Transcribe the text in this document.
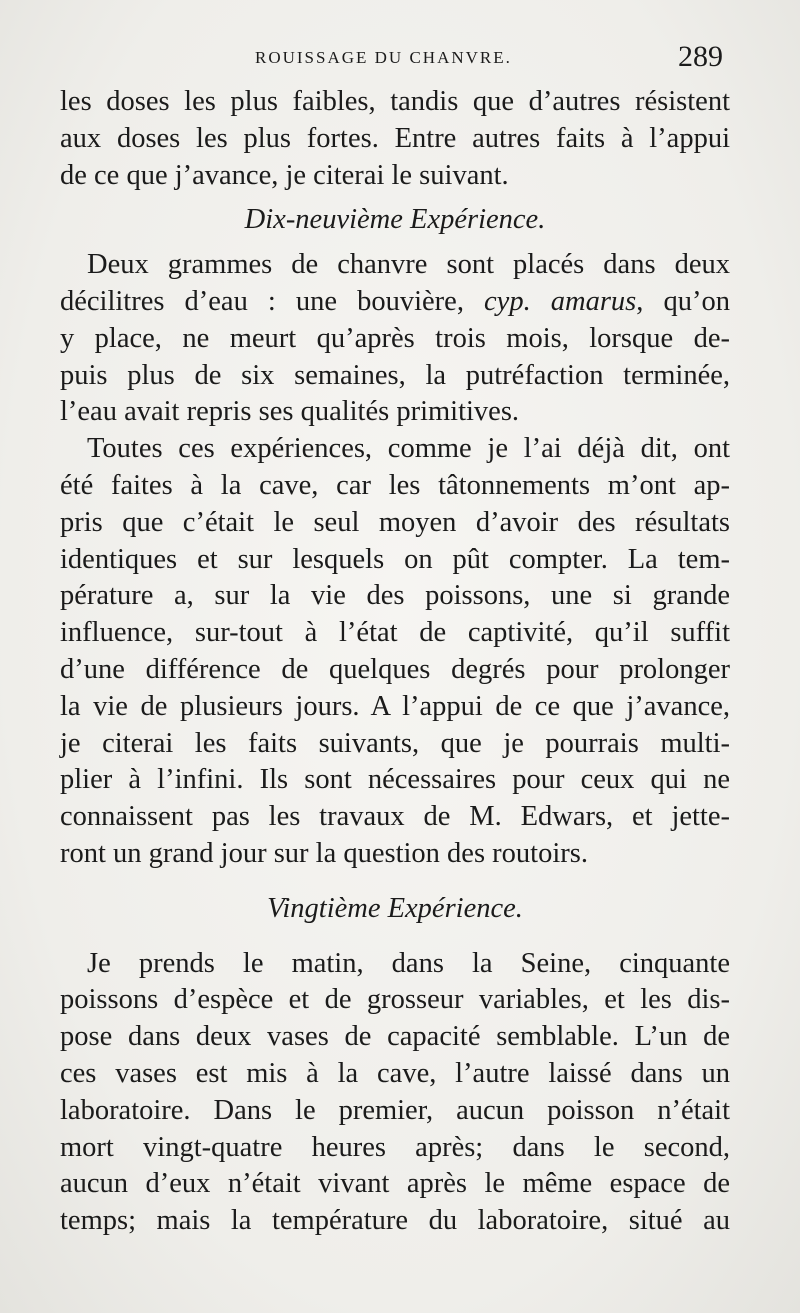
ROUISSAGE DU CHANVRE.	289
les doses les plus faibles, tandis que d’autres résistent
aux doses les plus fortes. Entre autres faits à l’appui
de ce que j’avance, je citerai le suivant.
Dix-neuvième Expérience.
Deux grammes de chanvre sont placés dans deux
décilitres d’eau : une bouvière, cyp. amarus, qu’on
y place, ne meurt qu’après trois mois, lorsque de-
puis plus de six semaines, la putréfaction terminée,
l’eau avait repris ses qualités primitives.
Toutes ces expériences, comme je l’ai déjà dit, ont
été faites à la cave, car les tâtonnements m’ont ap-
pris que c’était le seul moyen d’avoir des résultats
identiques et sur lesquels on pût compter. La tem-
pérature a, sur la vie des poissons, une si grande
influence, sur-tout à l’état de captivité, qu’il suffit
d’une différence de quelques degrés pour prolonger
la vie de plusieurs jours. A l’appui de ce que j’avance,
je citerai les faits suivants, que je pourrais multi-
plier à l’infini. Ils sont nécessaires pour ceux qui ne
connaissent pas les travaux de M. Edwars, et jette-
ront un grand jour sur la question des routoirs.
Vingtième Expérience.
Je prends le matin, dans la Seine, cinquante
poissons d’espèce et de grosseur variables, et les dis-
pose dans deux vases de capacité semblable. L’un de
ces vases est mis à la cave, l’autre laissé dans un
laboratoire. Dans le premier, aucun poisson n’était
mort vingt-quatre heures après; dans le second,
aucun d’eux n’était vivant après le même espace de
temps; mais la température du laboratoire, situé au
